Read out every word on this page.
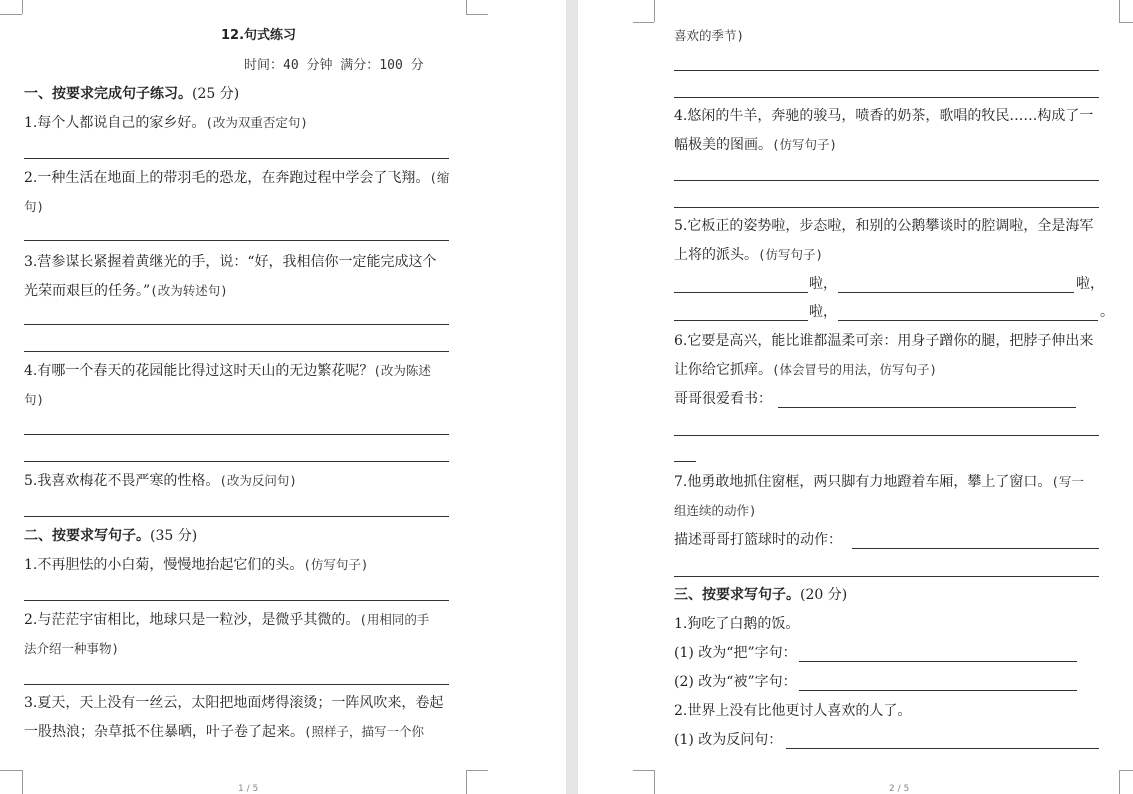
12.句式练习
时间：40 分钟 满分：100 分
一、按要求完成句子练习。(25 分)
1.每个人都说自己的家乡好。(改为双重否定句)
2.一种生活在地面上的带羽毛的恐龙，在奔跑过程中学会了飞翔。(缩
句)
3.营参谋长紧握着黄继光的手，说：“好，我相信你一定能完成这个
光荣而艰巨的任务。”(改为转述句)
4.有哪一个春天的花园能比得过这时天山的无边繁花呢？(改为陈述
句)
5.我喜欢梅花不畏严寒的性格。(改为反问句)
二、按要求写句子。(35 分)
1.不再胆怯的小白菊，慢慢地抬起它们的头。(仿写句子)
2.与茫茫宇宙相比，地球只是一粒沙，是微乎其微的。(用相同的手
法介绍一种事物)
3.夏天，天上没有一丝云，太阳把地面烤得滚烫；一阵风吹来，卷起
一股热浪；杂草抵不住暴晒，叶子卷了起来。(照样子，描写一个你
1 / 5
喜欢的季节)
4.悠闲的牛羊，奔驰的骏马，喷香的奶茶，歌唱的牧民……构成了一
幅极美的图画。(仿写句子)
5.它板正的姿势啦，步态啦，和别的公鹅攀谈时的腔调啦，全是海军
上将的派头。(仿写句子)
啦，	啦，
啦，	。
6.它要是高兴，能比谁都温柔可亲：用身子蹭你的腿，把脖子伸出来
让你给它抓痒。(体会冒号的用法，仿写句子)
哥哥很爱看书：
7.他勇敢地抓住窗框，两只脚有力地蹬着车厢，攀上了窗口。(写一
组连续的动作)
描述哥哥打篮球时的动作：
三、按要求写句子。(20 分)
1.狗吃了白鹅的饭。
(1) 改为“把”字句：
(2) 改为“被”字句：
2.世界上没有比他更讨人喜欢的人了。
(1) 改为反问句：
2 / 5
